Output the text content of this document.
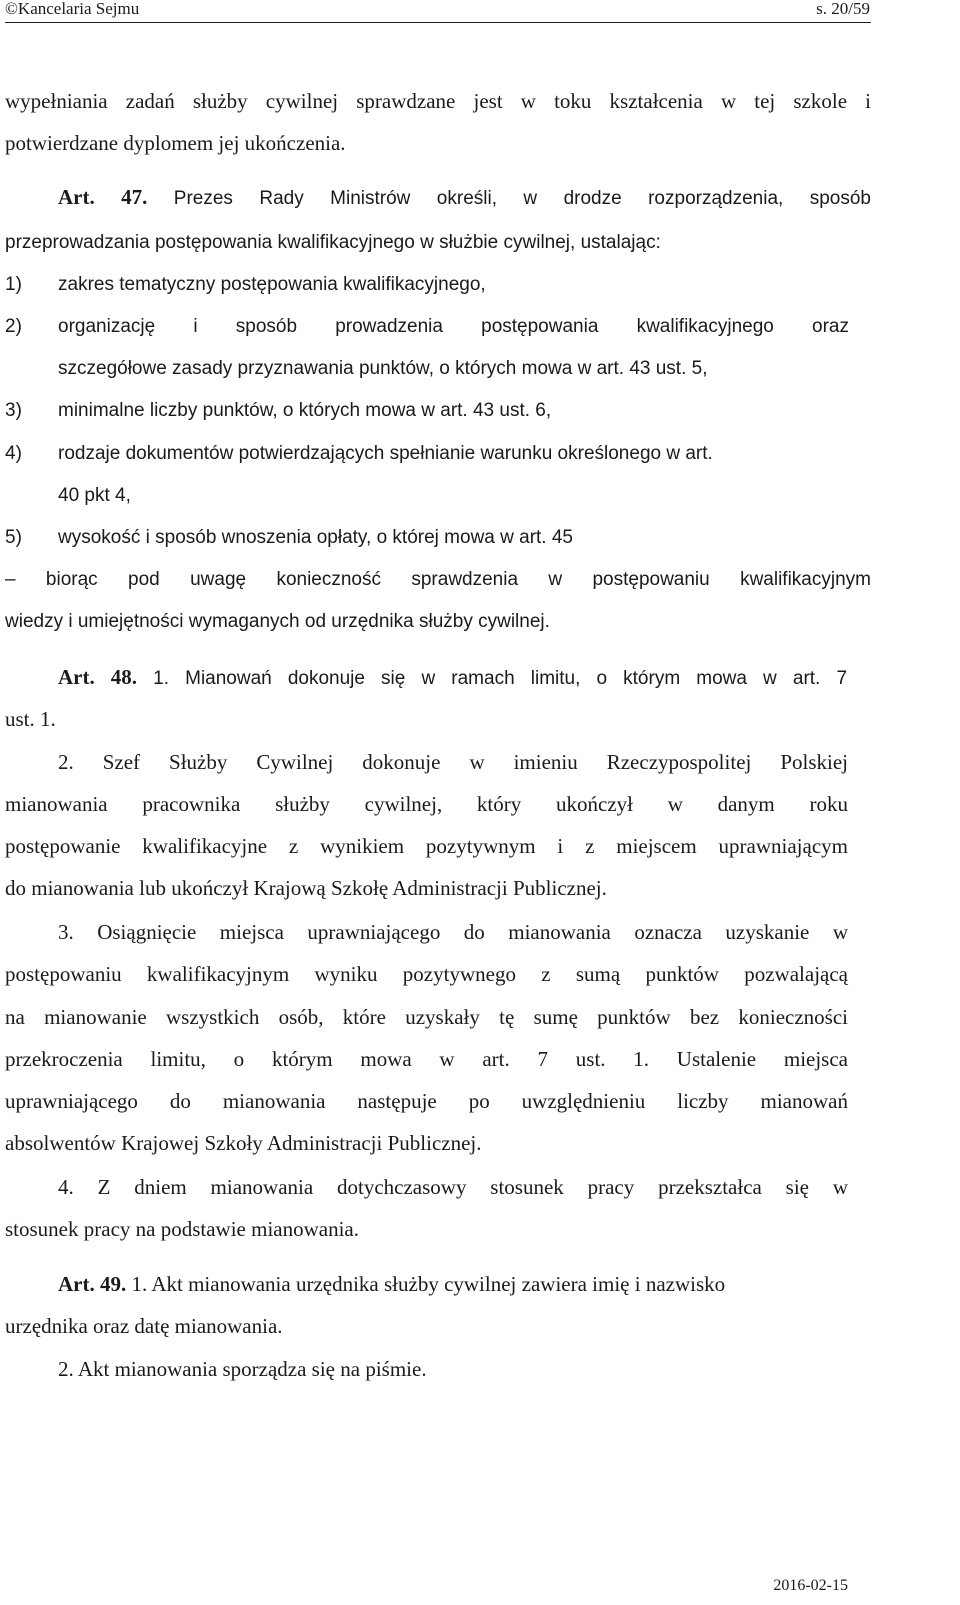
©Kancelaria Sejmu	s. 20/59
wypełniania zadań służby cywilnej sprawdzane jest w toku kształcenia w tej szkole i
potwierdzane dyplomem jej ukończenia.
Art. 47. Prezes Rady Ministrów określi, w drodze rozporządzenia, sposób
przeprowadzania postępowania kwalifikacyjnego w służbie cywilnej, ustalając:
1) zakres tematyczny postępowania kwalifikacyjnego,
2) organizację i sposób prowadzenia postępowania kwalifikacyjnego oraz
szczegółowe zasady przyznawania punktów, o których mowa w art. 43 ust. 5,
3) minimalne liczby punktów, o których mowa w art. 43 ust. 6,
4) rodzaje dokumentów potwierdzających spełnianie warunku określonego w art.
40 pkt 4,
5) wysokość i sposób wnoszenia opłaty, o której mowa w art. 45
– biorąc pod uwagę konieczność sprawdzenia w postępowaniu kwalifikacyjnym
wiedzy i umiejętności wymaganych od urzędnika służby cywilnej.
Art. 48. 1. Mianowań dokonuje się w ramach limitu, o którym mowa w art. 7
ust. 1.
2. Szef Służby Cywilnej dokonuje w imieniu Rzeczypospolitej Polskiej
mianowania pracownika służby cywilnej, który ukończył w danym roku
postępowanie kwalifikacyjne z wynikiem pozytywnym i z miejscem uprawniającym
do mianowania lub ukończył Krajową Szkołę Administracji Publicznej.
3. Osiągnięcie miejsca uprawniającego do mianowania oznacza uzyskanie w
postępowaniu kwalifikacyjnym wyniku pozytywnego z sumą punktów pozwalającą
na mianowanie wszystkich osób, które uzyskały tę sumę punktów bez konieczności
przekroczenia limitu, o którym mowa w art. 7 ust. 1. Ustalenie miejsca
uprawniającego do mianowania następuje po uwzględnieniu liczby mianowań
absolwentów Krajowej Szkoły Administracji Publicznej.
4. Z dniem mianowania dotychczasowy stosunek pracy przekształca się w
stosunek pracy na podstawie mianowania.
Art. 49. 1. Akt mianowania urzędnika służby cywilnej zawiera imię i nazwisko
urzędnika oraz datę mianowania.
2. Akt mianowania sporządza się na piśmie.
2016-02-15
